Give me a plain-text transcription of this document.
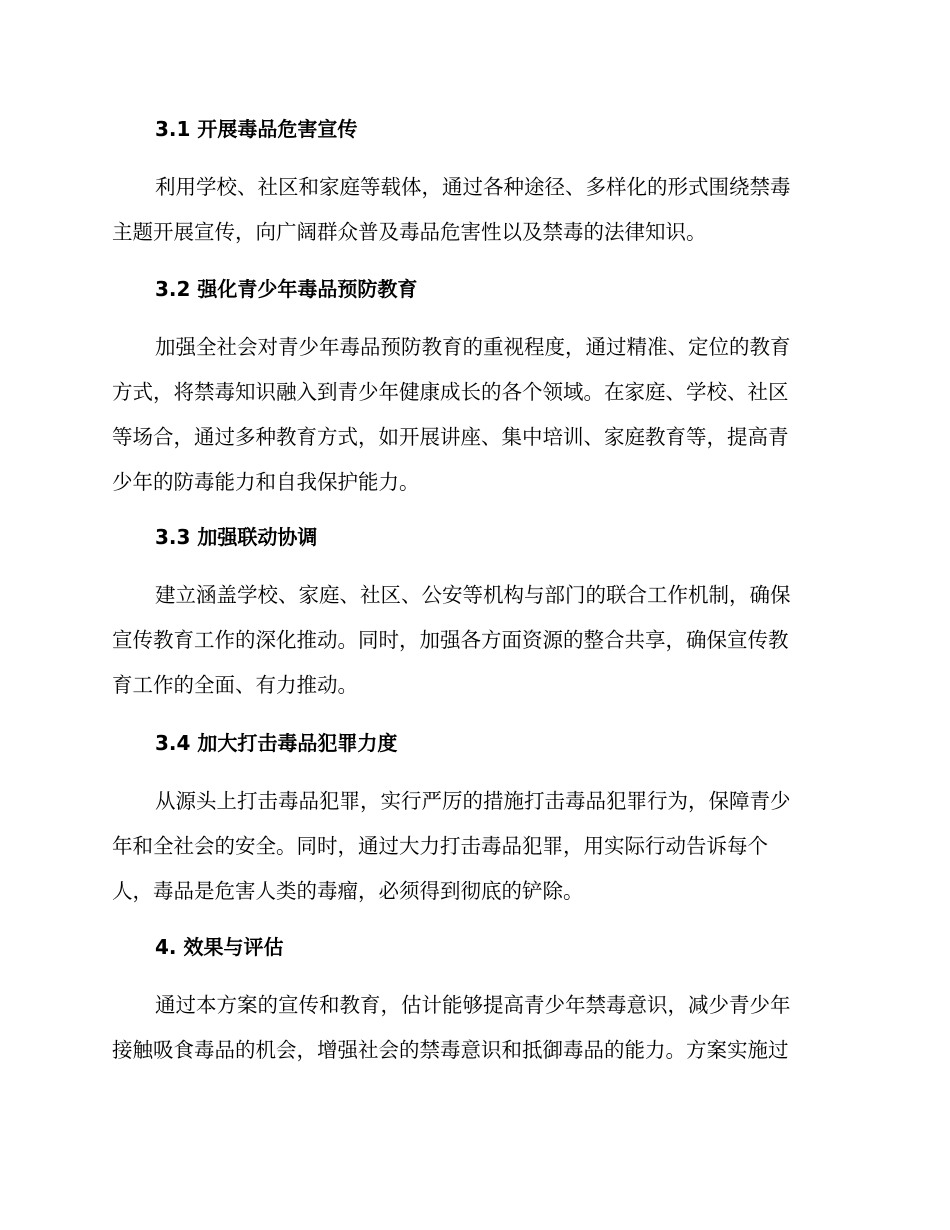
3.1 开展毒品危害宣传
利用学校、社区和家庭等载体，通过各种途径、多样化的形式围绕禁毒
主题开展宣传，向广阔群众普及毒品危害性以及禁毒的法律知识。
3.2 强化青少年毒品预防教育
加强全社会对青少年毒品预防教育的重视程度，通过精准、定位的教育
方式，将禁毒知识融入到青少年健康成长的各个领域。在家庭、学校、社区
等场合，通过多种教育方式，如开展讲座、集中培训、家庭教育等，提高青
少年的防毒能力和自我保护能力。
3.3 加强联动协调
建立涵盖学校、家庭、社区、公安等机构与部门的联合工作机制，确保
宣传教育工作的深化推动。同时，加强各方面资源的整合共享，确保宣传教
育工作的全面、有力推动。
3.4 加大打击毒品犯罪力度
从源头上打击毒品犯罪，实行严厉的措施打击毒品犯罪行为，保障青少
年和全社会的安全。同时，通过大力打击毒品犯罪，用实际行动告诉每个
人，毒品是危害人类的毒瘤，必须得到彻底的铲除。
4. 效果与评估
通过本方案的宣传和教育，估计能够提高青少年禁毒意识，减少青少年
接触吸食毒品的机会，增强社会的禁毒意识和抵御毒品的能力。方案实施过
